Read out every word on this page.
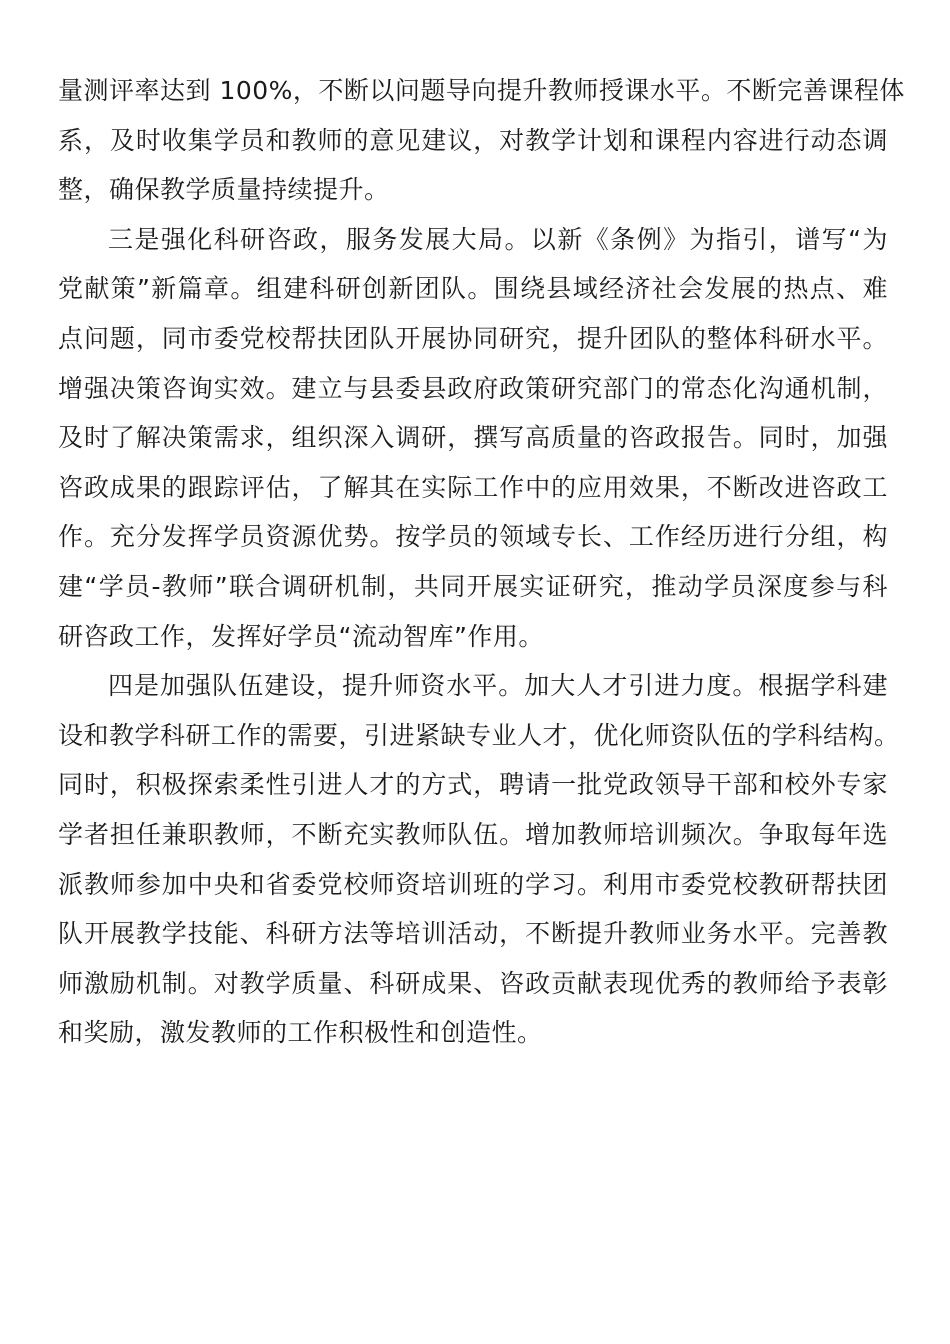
量测评率达到 100%，不断以问题导向提升教师授课水平。不断完善课程体
系，及时收集学员和教师的意见建议，对教学计划和课程内容进行动态调
整，确保教学质量持续提升。

三是强化科研咨政，服务发展大局。以新《条例》为指引，谱写“为
党献策”新篇章。组建科研创新团队。围绕县域经济社会发展的热点、难
点问题，同市委党校帮扶团队开展协同研究，提升团队的整体科研水平。
增强决策咨询实效。建立与县委县政府政策研究部门的常态化沟通机制，
及时了解决策需求，组织深入调研，撰写高质量的咨政报告。同时，加强
咨政成果的跟踪评估，了解其在实际工作中的应用效果，不断改进咨政工
作。充分发挥学员资源优势。按学员的领域专长、工作经历进行分组，构
建“学员-教师”联合调研机制，共同开展实证研究，推动学员深度参与科
研咨政工作，发挥好学员“流动智库”作用。

四是加强队伍建设，提升师资水平。加大人才引进力度。根据学科建
设和教学科研工作的需要，引进紧缺专业人才，优化师资队伍的学科结构。
同时，积极探索柔性引进人才的方式，聘请一批党政领导干部和校外专家
学者担任兼职教师，不断充实教师队伍。增加教师培训频次。争取每年选
派教师参加中央和省委党校师资培训班的学习。利用市委党校教研帮扶团
队开展教学技能、科研方法等培训活动，不断提升教师业务水平。完善教
师激励机制。对教学质量、科研成果、咨政贡献表现优秀的教师给予表彰
和奖励，激发教师的工作积极性和创造性。
